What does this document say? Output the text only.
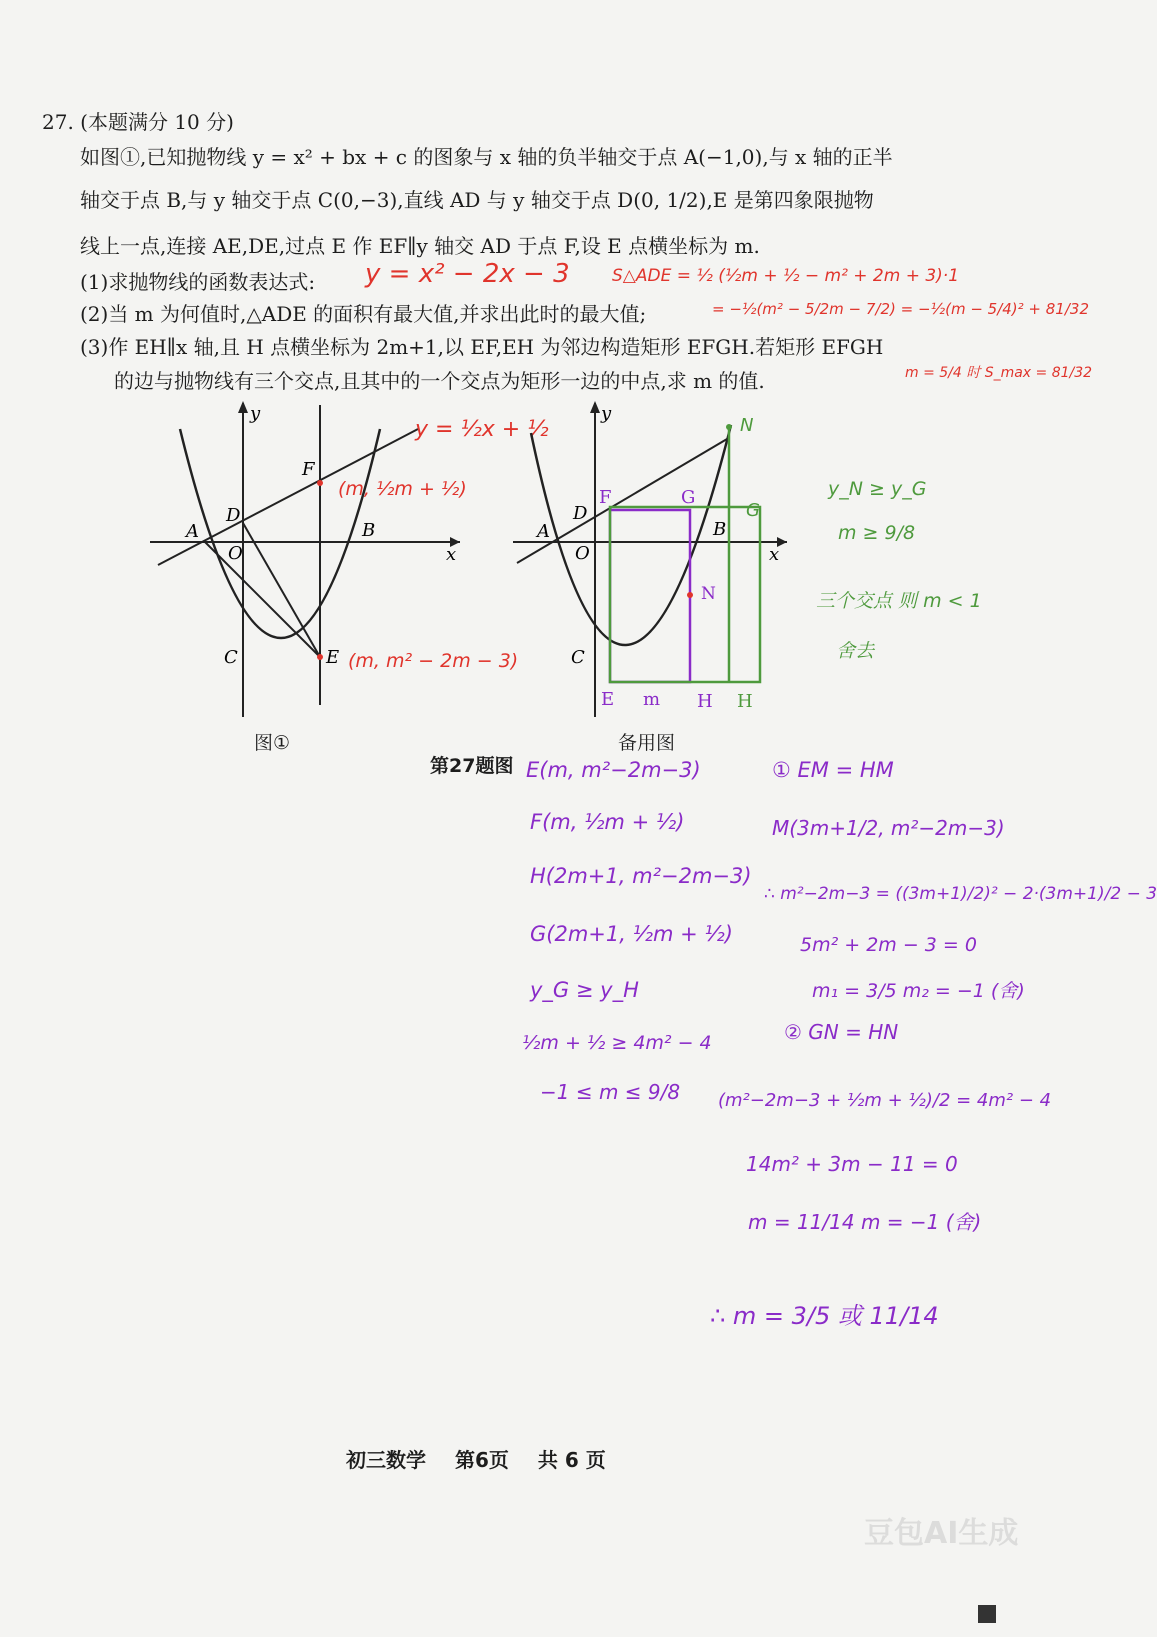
27. (本题满分 10 分)
如图①,已知抛物线 y = x² + bx + c 的图象与 x 轴的负半轴交于点 A(−1,0),与 x 轴的正半
轴交于点 B,与 y 轴交于点 C(0,−3),直线 AD 与 y 轴交于点 D(0, 1/2),E 是第四象限抛物
线上一点,连接 AE,DE,过点 E 作 EF∥y 轴交 AD 于点 F,设 E 点横坐标为 m.
(1)求抛物线的函数表达式:
(2)当 m 为何值时,△ADE 的面积有最大值,并求出此时的最大值;
(3)作 EH∥x 轴,且 H 点横坐标为 2m+1,以 EF,EH 为邻边构造矩形 EFGH.若矩形 EFGH
的边与抛物线有三个交点,且其中的一个交点为矩形一边的中点,求 m 的值.
y = x² − 2x − 3 S△ADE = ½ (½m + ½ − m² + 2m + 3)·1
= −½(m² − 5/2m − 7/2) = −½(m − 5/4)² + 81/32
m = 5/4 时 S_max = 81/32
y
x
A
O
D
F
B
C	E
y = ½x + ½
(m, ½m + ½)
(m, m² − 2m − 3)
图①
y
x
A
O
D
F	G
B
N
C
E m H H
N
G
备用图
第27题图
y_N ≥ y_G
m ≥ 9/8
三个交点 则 m < 1
舍去
E(m, m²−2m−3)
F(m, ½m + ½)
H(2m+1, m²−2m−3)
G(2m+1, ½m + ½)
y_G ≥ y_H
½m + ½ ≥ 4m² − 4
−1 ≤ m ≤ 9/8
① EM = HM
M(3m+1/2, m²−2m−3)
∴ m²−2m−3 = ((3m+1)/2)² − 2·(3m+1)/2 − 3
5m² + 2m − 3 = 0
m₁ = 3/5 m₂ = −1 (舍)
② GN = HN
(m²−2m−3 + ½m + ½)/2 = 4m² − 4
14m² + 3m − 11 = 0
m = 11/14 m = −1 (舍)
∴ m = 3/5 或 11/14
初三数学 第6页 共 6 页
豆包AI生成
